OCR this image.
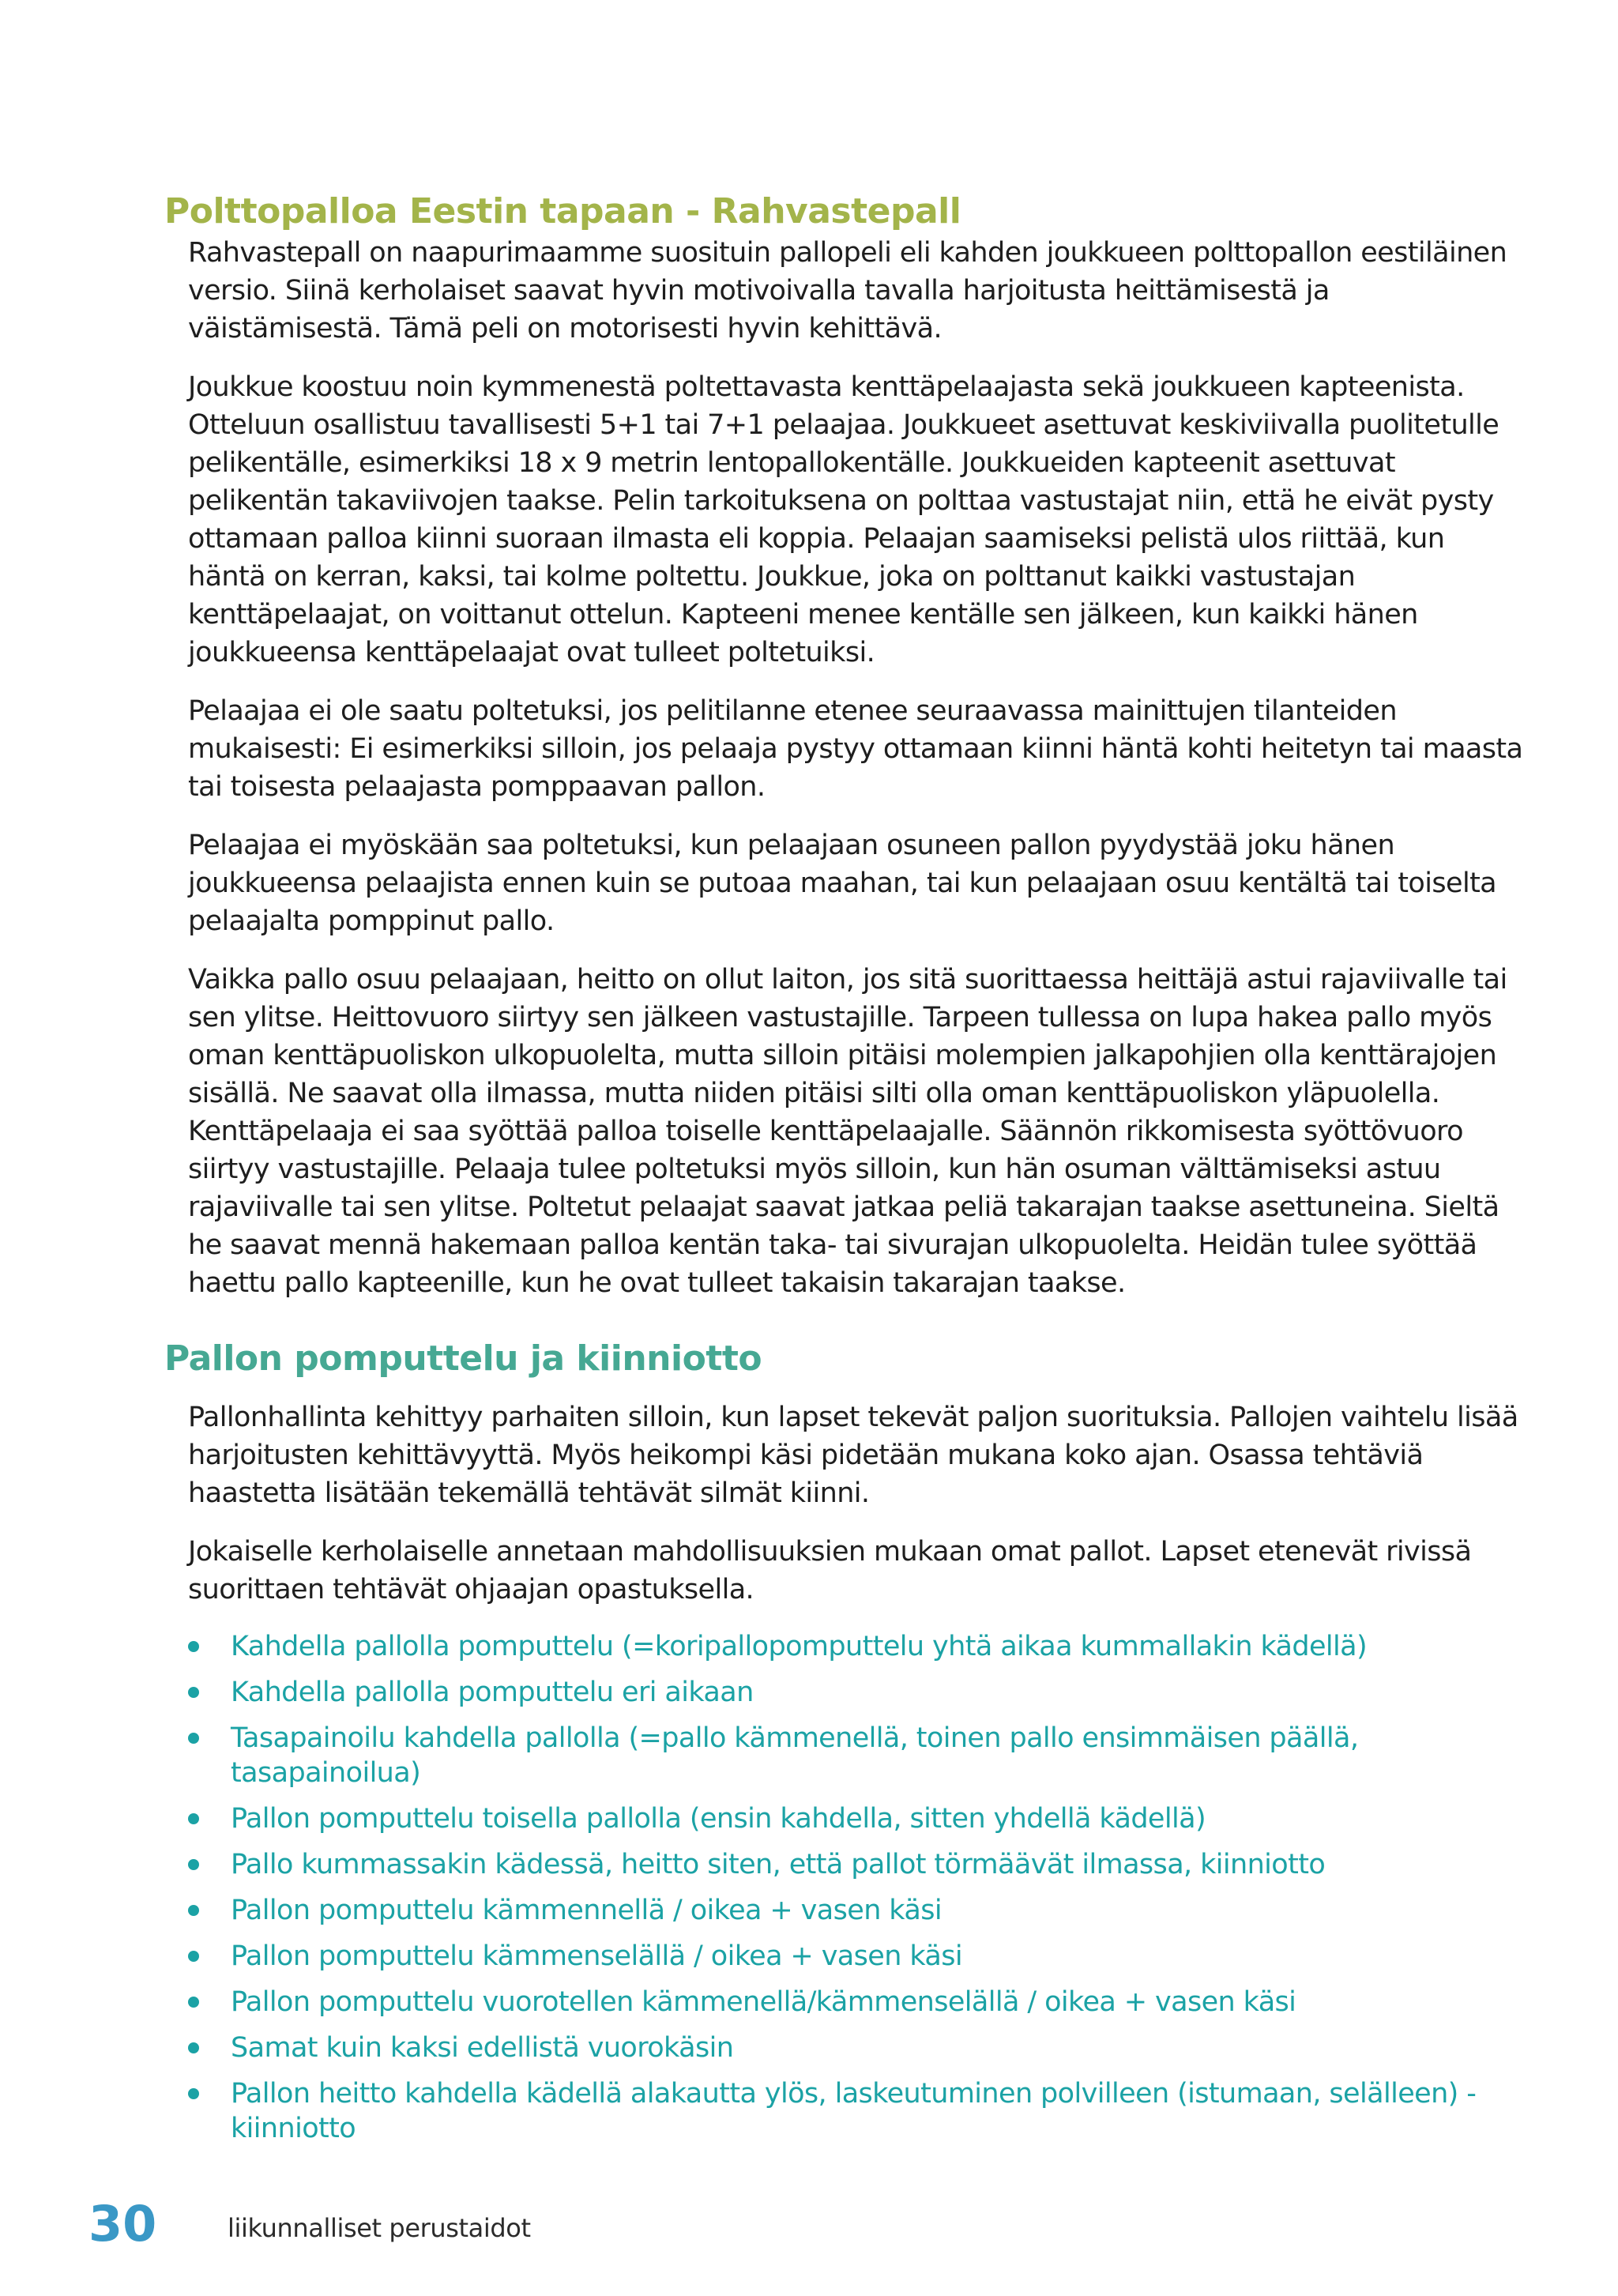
Polttopalloa Eestin tapaan - Rahvastepall

Rahvastepall on naapurimaamme suosituin pallopeli eli kahden joukkueen polttopallon eestiläinen versio. Siinä kerholaiset saavat hyvin motivoivalla tavalla harjoitusta heittämisestä ja väistämisestä. Tämä peli on motorisesti hyvin kehittävä.

Joukkue koostuu noin kymmenestä poltettavasta kenttäpelaajasta sekä joukkueen kapteenista. Otteluun osallistuu tavallisesti 5+1 tai 7+1 pelaajaa. Joukkueet asettuvat keskiviivalla puolitetulle pelikentälle, esimerkiksi 18 x 9 metrin lentopallokentälle. Joukkueiden kapteenit asettuvat pelikentän takaviivojen taakse. Pelin tarkoituksena on polttaa vastustajat niin, että he eivät pysty ottamaan palloa kiinni suoraan ilmasta eli koppia. Pelaajan saamiseksi pelistä ulos riittää, kun häntä on kerran, kaksi, tai kolme poltettu. Joukkue, joka on polttanut kaikki vastustajan kenttäpelaajat, on voittanut ottelun. Kapteeni menee kentälle sen jälkeen, kun kaikki hänen joukkueensa kenttäpelaajat ovat tulleet poltetuiksi.

Pelaajaa ei ole saatu poltetuksi, jos pelitilanne etenee seuraavassa mainittujen tilanteiden mukaisesti: Ei esimerkiksi silloin, jos pelaaja pystyy ottamaan kiinni häntä kohti heitetyn tai maasta tai toisesta pelaajasta pomppaavan pallon.

Pelaajaa ei myöskään saa poltetuksi, kun pelaajaan osuneen pallon pyydystää joku hänen joukkueensa pelaajista ennen kuin se putoaa maahan, tai kun pelaajaan osuu kentältä tai toiselta pelaajalta pomppinut pallo.

Vaikka pallo osuu pelaajaan, heitto on ollut laiton, jos sitä suorittaessa heittäjä astui rajaviivalle tai sen ylitse. Heittovuoro siirtyy sen jälkeen vastustajille. Tarpeen tullessa on lupa hakea pallo myös oman kenttäpuoliskon ulkopuolelta, mutta silloin pitäisi molempien jalkapohjien olla kenttärajojen sisällä. Ne saavat olla ilmassa, mutta niiden pitäisi silti olla oman kenttäpuoliskon yläpuolella. Kenttäpelaaja ei saa syöttää palloa toiselle kenttäpelaajalle. Säännön rikkomisesta syöttövuoro siirtyy vastustajille. Pelaaja tulee poltetuksi myös silloin, kun hän osuman välttämiseksi astuu rajaviivalle tai sen ylitse. Poltetut pelaajat saavat jatkaa peliä takarajan taakse asettuneina. Sieltä he saavat mennä hakemaan palloa kentän taka- tai sivurajan ulkopuolelta. Heidän tulee syöttää haettu pallo kapteenille, kun he ovat tulleet takaisin takarajan taakse.

Pallon pomputtelu ja kiinniotto

Pallonhallinta kehittyy parhaiten silloin, kun lapset tekevät paljon suorituksia. Pallojen vaihtelu lisää harjoitusten kehittävyyttä. Myös heikompi käsi pidetään mukana koko ajan. Osassa tehtäviä haastetta lisätään tekemällä tehtävät silmät kiinni.

Jokaiselle kerholaiselle annetaan mahdollisuuksien mukaan omat pallot. Lapset etenevät rivissä suorittaen tehtävät ohjaajan opastuksella.

Kahdella pallolla pomputtelu (=koripallopomputtelu yhtä aikaa kummallakin kädellä)
Kahdella pallolla pomputtelu eri aikaan
Tasapainoilu kahdella pallolla (=pallo kämmenellä, toinen pallo ensimmäisen päällä, tasapainoilua)
Pallon pomputtelu toisella pallolla (ensin kahdella, sitten yhdellä kädellä)
Pallo kummassakin kädessä, heitto siten, että pallot törmäävät ilmassa, kiinniotto
Pallon pomputtelu kämmennellä / oikea + vasen käsi
Pallon pomputtelu kämmenselällä / oikea + vasen käsi
Pallon pomputtelu vuorotellen kämmenellä/kämmenselällä / oikea + vasen käsi
Samat kuin kaksi edellistä vuorokäsin
Pallon heitto kahdella kädellä alakautta ylös, laskeutuminen polvilleen (istumaan, selälleen) - kiinniotto
30	liikunnalliset perustaidot
